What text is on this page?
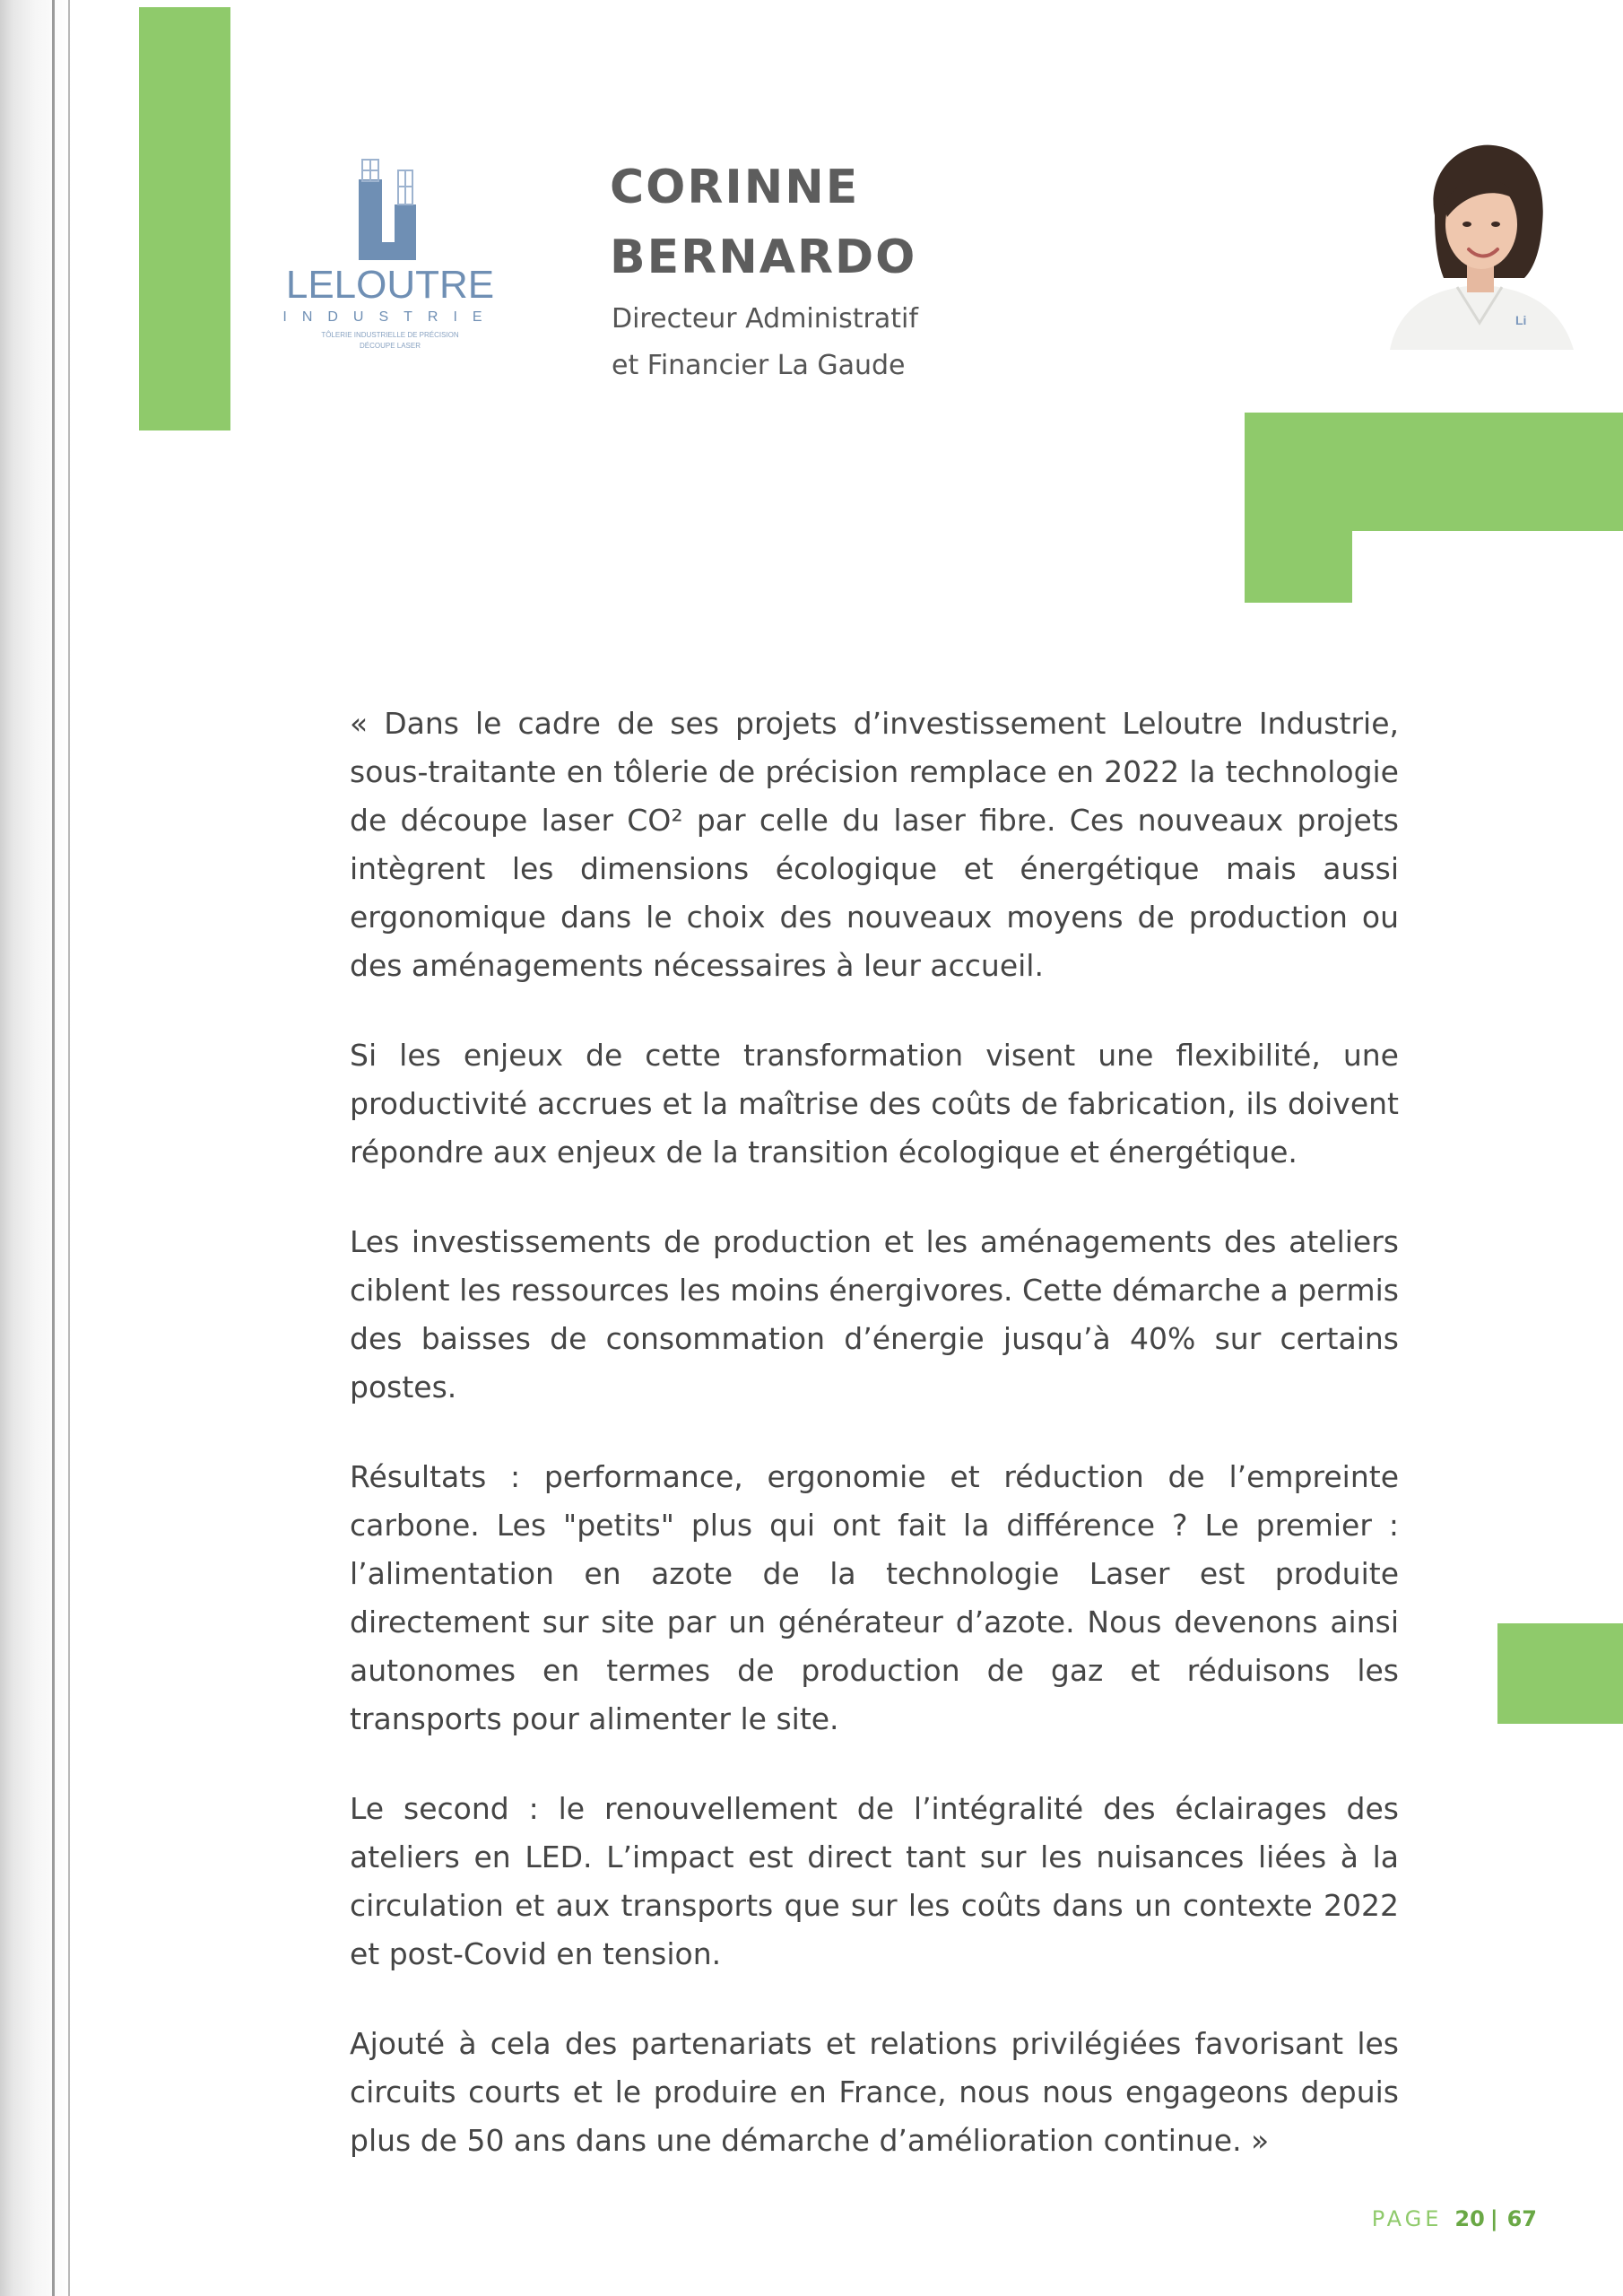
LELOUTRE
INDUSTRIE
TÔLERIE INDUSTRIELLE DE PRÉCISION
DÉCOUPE LASER
CORINNE
BERNARDO

Directeur Administratif
et Financier La Gaude

Li

« Dans le cadre de ses projets d’investissement Leloutre Industrie, sous-traitante en tôlerie de précision remplace en 2022 la technologie de découpe laser CO² par celle du laser fibre. Ces nouveaux projets intègrent les dimensions écologique et énergétique mais aussi ergonomique dans le choix des nouveaux moyens de production ou des aménagements nécessaires à leur accueil.

Si les enjeux de cette transformation visent une flexibilité, une productivité accrues et la maîtrise des coûts de fabrication, ils doivent répondre aux enjeux de la transition écologique et énergétique.

Les investissements de production et les aménagements des ateliers ciblent les ressources les moins énergivores. Cette démarche a permis des baisses de consommation d’énergie jusqu’à 40% sur certains postes.

Résultats : performance, ergonomie et réduction de l’empreinte carbone. Les "petits" plus qui ont fait la différence ? Le premier : l’alimentation en azote de la technologie Laser est produite directement sur site par un générateur d’azote. Nous devenons ainsi autonomes en termes de production de gaz et réduisons les transports pour alimenter le site.

Le second : le renouvellement de l’intégralité des éclairages des ateliers en LED. L’impact est direct tant sur les nuisances liées à la circulation et aux transports que sur les coûts dans un contexte 2022 et post-Covid en tension.

Ajouté à cela des partenariats et relations privilégiées favorisant les circuits courts et le produire en France, nous nous engageons depuis plus de 50 ans dans une démarche d’amélioration continue. »

PAGE 20 | 67
